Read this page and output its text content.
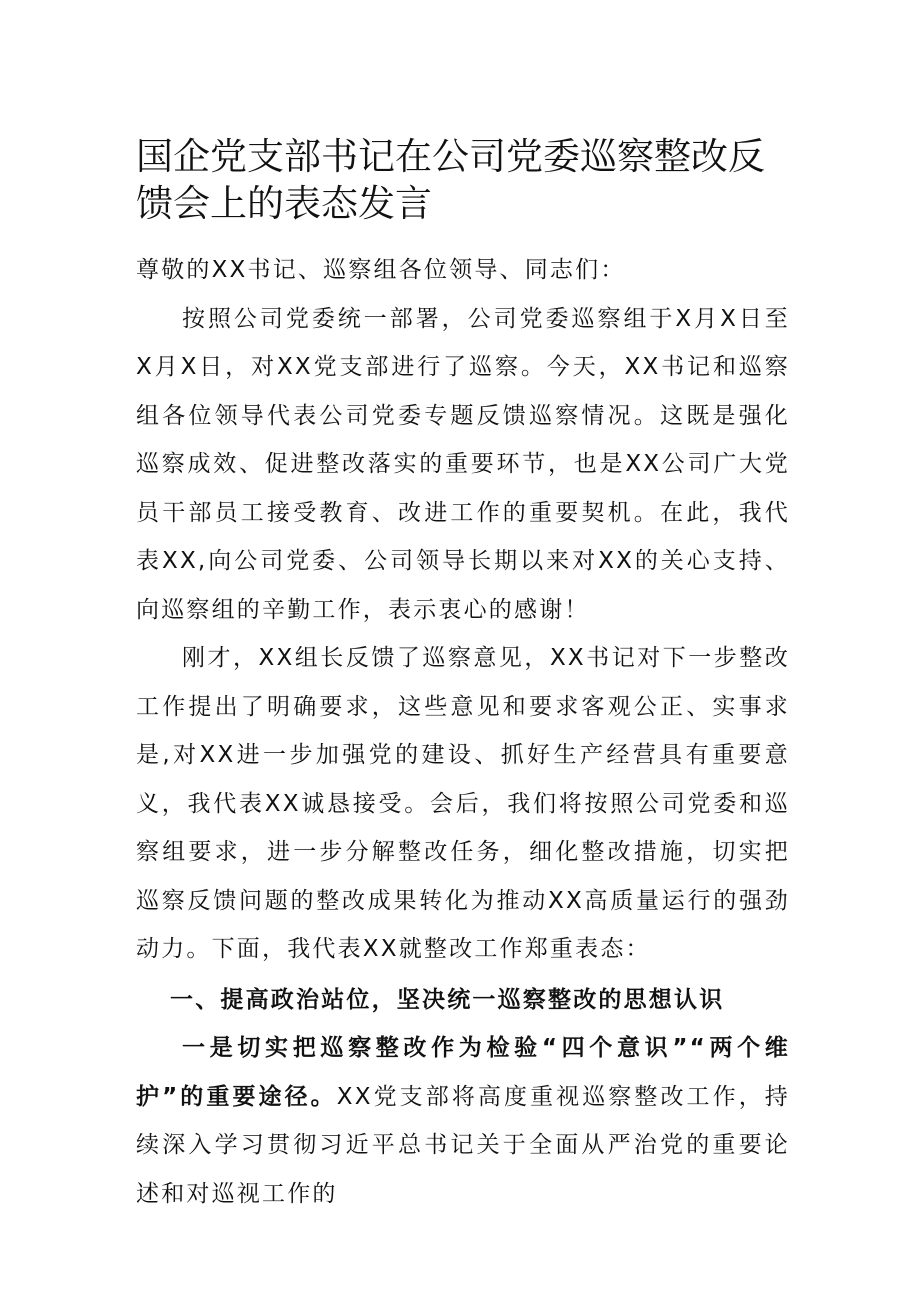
国企党支部书记在公司党委巡察整改反馈会上的表态发言

尊敬的XX书记、巡察组各位领导、同志们：

按照公司党委统一部署，公司党委巡察组于X月X日至X月X日，对XX党支部进行了巡察。今天，XX书记和巡察组各位领导代表公司党委专题反馈巡察情况。这既是强化巡察成效、促进整改落实的重要环节，也是XX公司广大党员干部员工接受教育、改进工作的重要契机。在此，我代表XX,向公司党委、公司领导长期以来对XX的关心支持、向巡察组的辛勤工作，表示衷心的感谢！

刚才，XX组长反馈了巡察意见，XX书记对下一步整改工作提出了明确要求，这些意见和要求客观公正、实事求是,对XX进一步加强党的建设、抓好生产经营具有重要意义，我代表XX诚恳接受。会后，我们将按照公司党委和巡察组要求，进一步分解整改任务，细化整改措施，切实把巡察反馈问题的整改成果转化为推动XX高质量运行的强劲动力。下面，我代表XX就整改工作郑重表态：

一、提高政治站位，坚决统一巡察整改的思想认识

一是切实把巡察整改作为检验“四个意识”“两个维护”的重要途径。XX党支部将高度重视巡察整改工作，持续深入学习贯彻习近平总书记关于全面从严治党的重要论述和对巡视工作的
